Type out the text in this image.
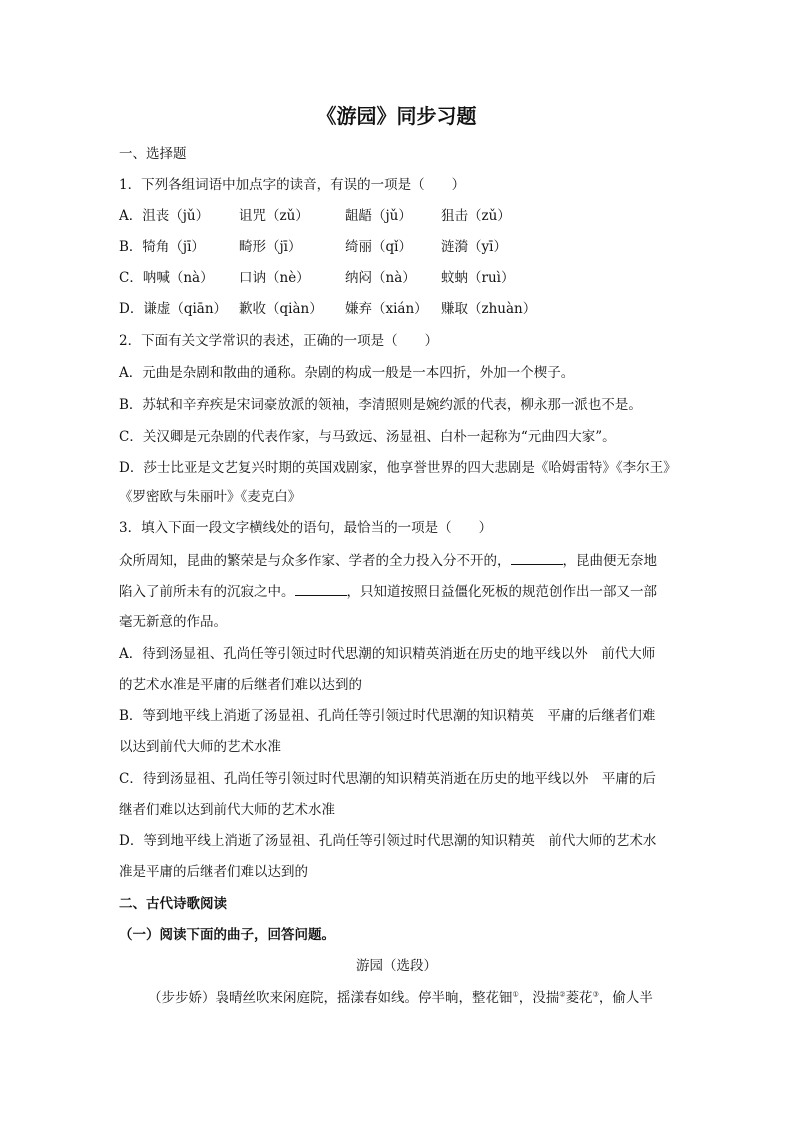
《游园》同步习题
一、选择题
1．下列各组词语中加点字的读音，有误的一项是（　　）
A．沮丧（jǔ）	诅咒（zǔ）	龃龉（jǔ）	狙击（zǔ）
B．犄角（jī）	畸形（jī）	绮丽（qǐ）	涟漪（yī）
C．呐喊（nà）	口讷（nè）	纳闷（nà）	蚊蚋（ruì）
D．谦虚（qiān） 歉收（qiàn）	嫌弃（xián） 赚取（zhuàn）
2．下面有关文学常识的表述，正确的一项是（　　）
A．元曲是杂剧和散曲的通称。杂剧的构成一般是一本四折，外加一个楔子。
B．苏轼和辛弃疾是宋词豪放派的领袖，李清照则是婉约派的代表，柳永那一派也不是。
C．关汉卿是元杂剧的代表作家，与马致远、汤显祖、白朴一起称为“元曲四大家”。
D．莎士比亚是文艺复兴时期的英国戏剧家，他享誉世界的四大悲剧是《哈姆雷特》《李尔王》
《罗密欧与朱丽叶》《麦克白》
3．填入下面一段文字横线处的语句，最恰当的一项是（　　）
众所周知，昆曲的繁荣是与众多作家、学者的全力投入分不开的，	，昆曲便无奈地
陷入了前所未有的沉寂之中。	，只知道按照日益僵化死板的规范创作出一部又一部
毫无新意的作品。
A．待到汤显祖、孔尚任等引领过时代思潮的知识精英消逝在历史的地平线以外　前代大师
的艺术水准是平庸的后继者们难以达到的
B．等到地平线上消逝了汤显祖、孔尚任等引领过时代思潮的知识精英　平庸的后继者们难
以达到前代大师的艺术水准
C．待到汤显祖、孔尚任等引领过时代思潮的知识精英消逝在历史的地平线以外　平庸的后
继者们难以达到前代大师的艺术水准
D．等到地平线上消逝了汤显祖、孔尚任等引领过时代思潮的知识精英　前代大师的艺术水
准是平庸的后继者们难以达到的
二、古代诗歌阅读
（一）阅读下面的曲子，回答问题。
游园（选段）
（步步娇）袅晴丝吹来闲庭院，摇漾春如线。停半晌，整花钿①，没揣②菱花③，偷人半
